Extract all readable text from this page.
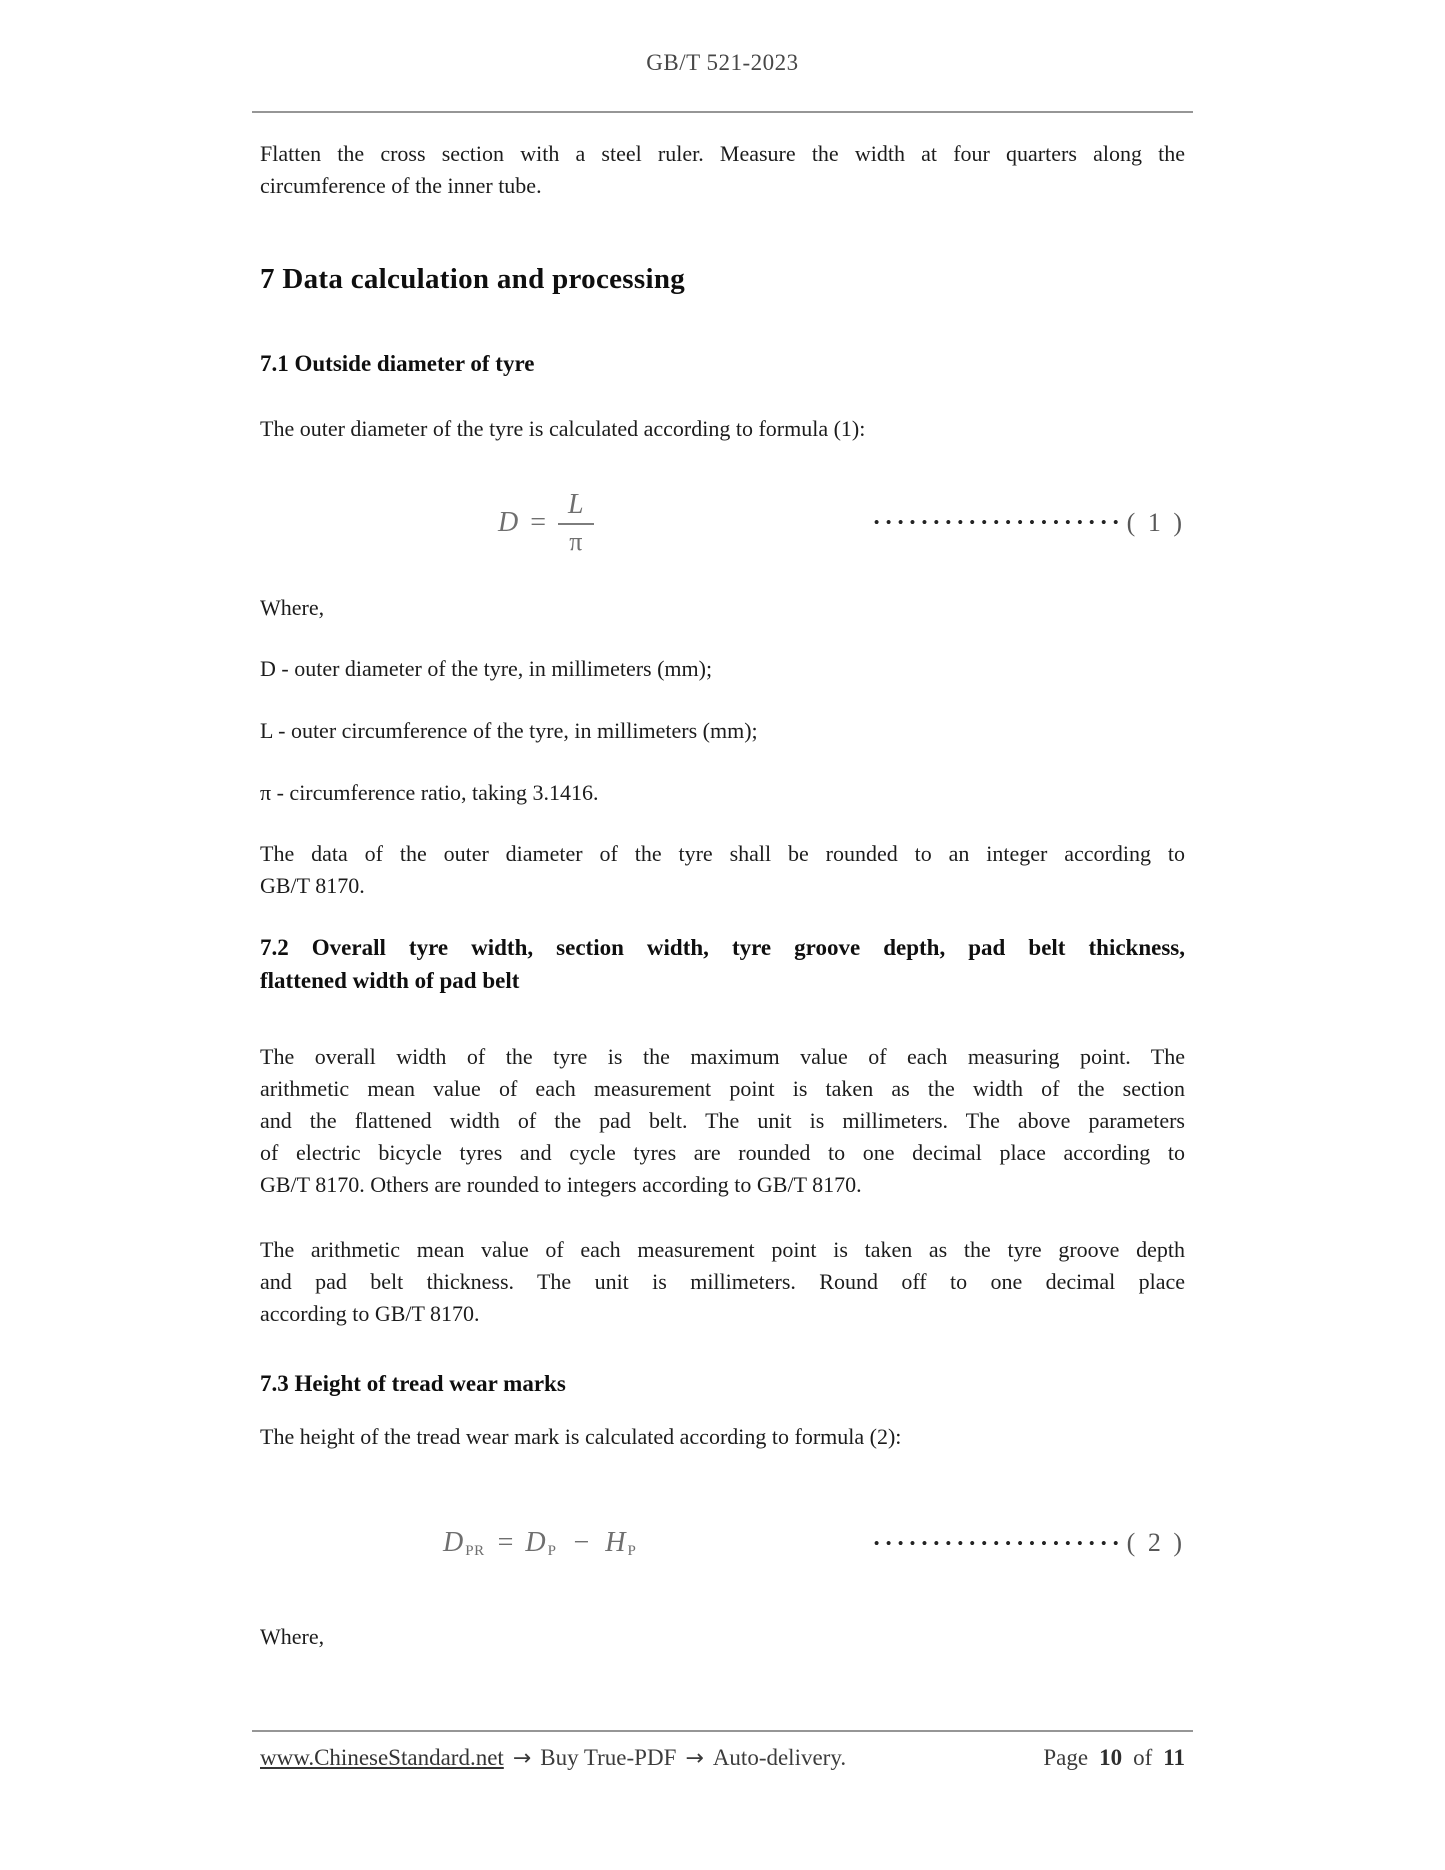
GB/T 521-2023
Flatten the cross section with a steel ruler. Measure the width at four quarters along the
circumference of the inner tube.
7 Data calculation and processing
7.1 Outside diameter of tyre
The outer diameter of the tyre is calculated according to formula (1):
$D = \frac{L}{\pi}$	••••••••••••••••••••• ( 1 )
Where,
D - outer diameter of the tyre, in millimeters (mm);
L - outer circumference of the tyre, in millimeters (mm);
π - circumference ratio, taking 3.1416.
The data of the outer diameter of the tyre shall be rounded to an integer according to
GB/T 8170.
7.2 Overall tyre width, section width, tyre groove depth, pad belt thickness,
flattened width of pad belt
The overall width of the tyre is the maximum value of each measuring point. The
arithmetic mean value of each measurement point is taken as the width of the section
and the flattened width of the pad belt. The unit is millimeters. The above parameters
of electric bicycle tyres and cycle tyres are rounded to one decimal place according to
GB/T 8170. Others are rounded to integers according to GB/T 8170.
The arithmetic mean value of each measurement point is taken as the tyre groove depth
and pad belt thickness. The unit is millimeters. Round off to one decimal place
according to GB/T 8170.
7.3 Height of tread wear marks
The height of the tread wear mark is calculated according to formula (2):
D PR = D P − H P	••••••••••••••••••••• ( 2 )
Where,
www.ChineseStandard.net → Buy True-PDF → Auto-delivery.	Page 10 of 11
